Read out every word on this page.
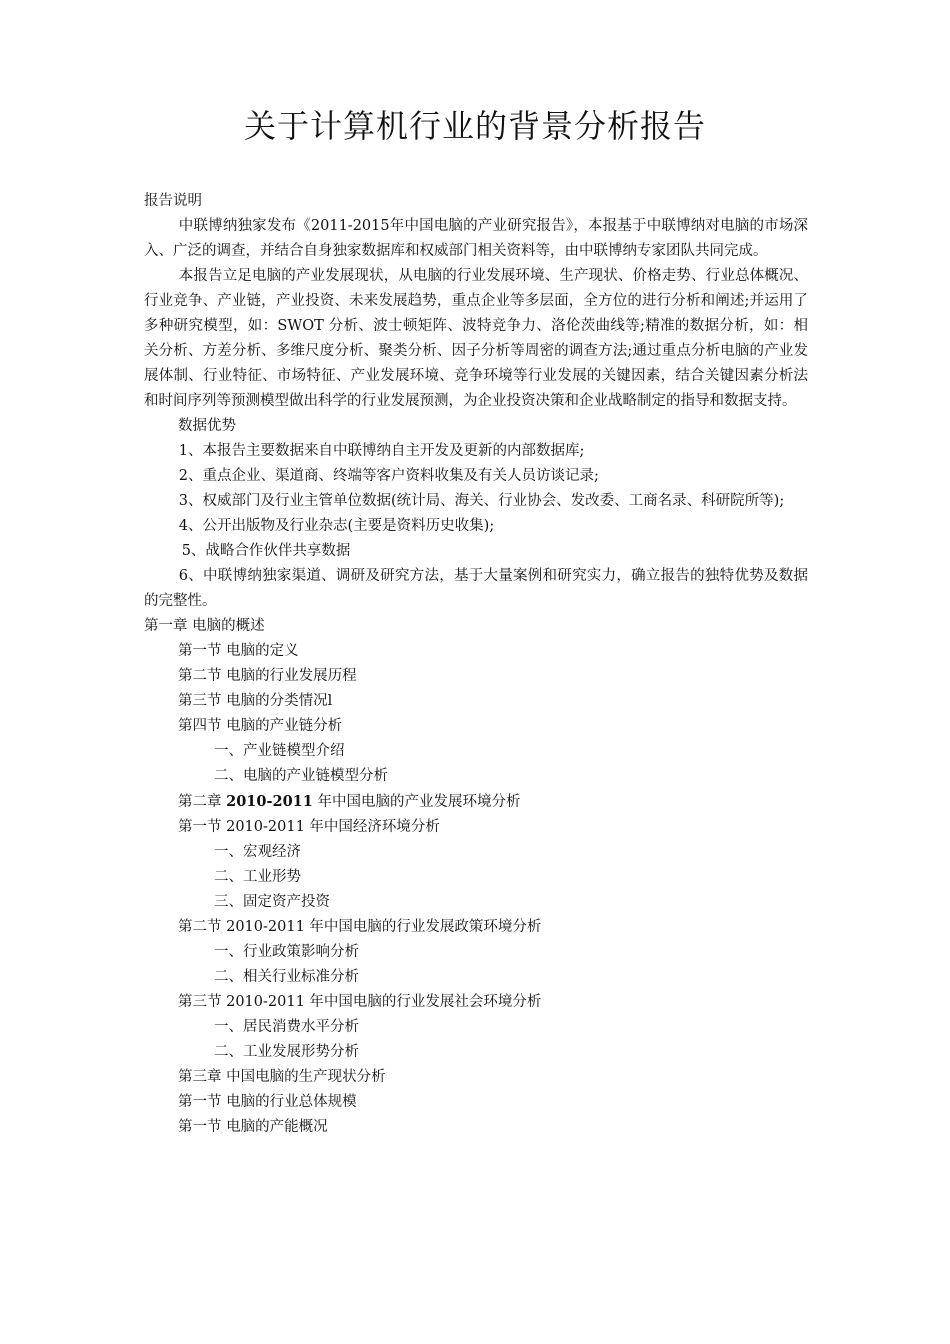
关于计算机行业的背景分析报告

报告说明

中联博纳独家发布《2011-2015年中国电脑的产业研究报告》，本报基于中联博纳对电脑的市场深入、广泛的调查，并结合自身独家数据库和权威部门相关资料等，由中联博纳专家团队共同完成。

本报告立足电脑的产业发展现状，从电脑的行业发展环境、生产现状、价格走势、行业总体概况、行业竞争、产业链，产业投资、未来发展趋势，重点企业等多层面，全方位的进行分析和阐述;并运用了多种研究模型，如：SWOT 分析、波士顿矩阵、波特竞争力、洛伦茨曲线等;精准的数据分析，如：相关分析、方差分析、多维尺度分析、聚类分析、因子分析等周密的调查方法;通过重点分析电脑的产业发展体制、行业特征、市场特征、产业发展环境、竞争环境等行业发展的关键因素，结合关键因素分析法和时间序列等预测模型做出科学的行业发展预测，为企业投资决策和企业战略制定的指导和数据支持。

数据优势

1、本报告主要数据来自中联博纳自主开发及更新的内部数据库;

2、重点企业、渠道商、终端等客户资料收集及有关人员访谈记录;

3、权威部门及行业主管单位数据(统计局、海关、行业协会、发改委、工商名录、科研院所等);

4、公开出版物及行业杂志(主要是资料历史收集);

5、战略合作伙伴共享数据

6、中联博纳独家渠道、调研及研究方法，基于大量案例和研究实力，确立报告的独特优势及数据的完整性。

第一章 电脑的概述

第一节 电脑的定义

第二节 电脑的行业发展历程

第三节 电脑的分类情况l

第四节 电脑的产业链分析

一、产业链模型介绍

二、电脑的产业链模型分析

第二章 2010-2011 年中国电脑的产业发展环境分析

第一节 2010-2011 年中国经济环境分析

一、宏观经济

二、工业形势

三、固定资产投资

第二节 2010-2011 年中国电脑的行业发展政策环境分析

一、行业政策影响分析

二、相关行业标准分析

第三节 2010-2011 年中国电脑的行业发展社会环境分析

一、居民消费水平分析

二、工业发展形势分析

第三章 中国电脑的生产现状分析

第一节 电脑的行业总体规模

第一节 电脑的产能概况
